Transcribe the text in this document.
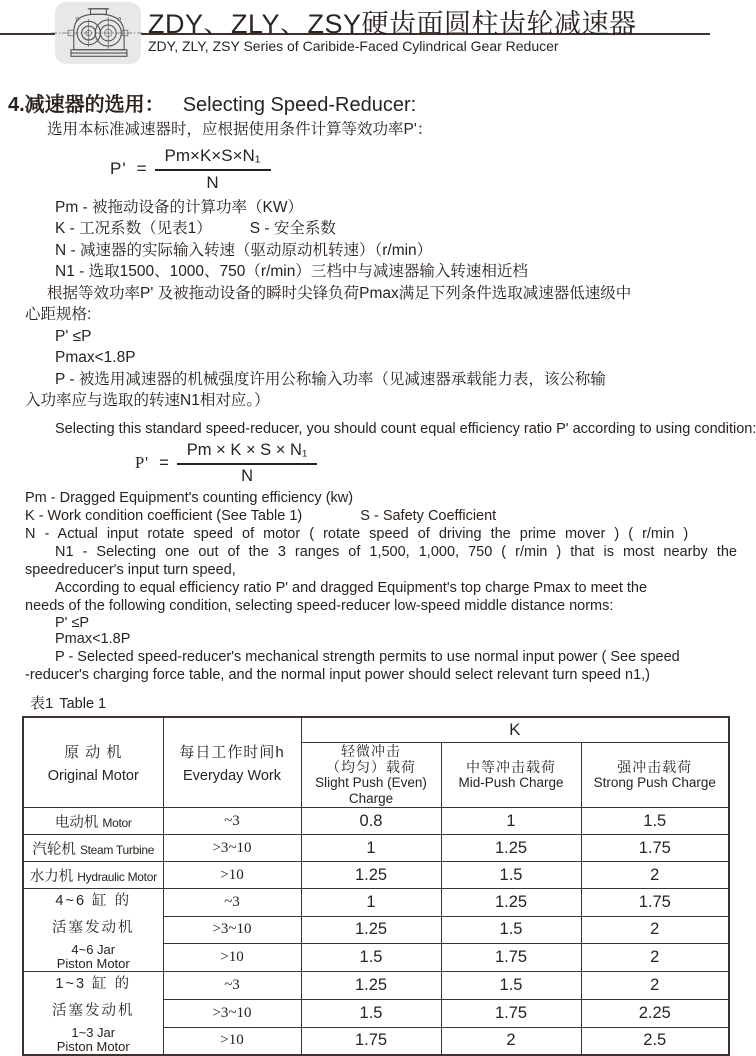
ZDY、ZLY、ZSY硬齿面圆柱齿轮减速器
ZDY, ZLY, ZSY Series of Caribide-Faced Cylindrical Gear Reducer
4.减速器的选用： Selecting Speed-Reducer:
选用本标准减速器时，应根据使用条件计算等效功率P'：
$P' = \frac{\text{Pm×K×S×N₁}}{N}$
Pm - 被拖动设备的计算功率（KW）
K - 工况系数（见表1） S - 安全系数
N - 减速器的实际输入转速（驱动原动机转速）（r/min）
N1 - 选取1500、1000、750（r/min）三档中与减速器输入转速相近档
根据等效功率P' 及被拖动设备的瞬时尖锋负荷Pmax满足下列条件选取减速器低速级中
心距规格:
P' ≤P
Pmax<1.8P
P - 被选用减速器的机械强度许用公称输入功率（见减速器承载能力表，该公称输
入功率应与选取的转速N1相对应。）
Selecting this standard speed-reducer, you should count equal efficiency ratio P' according to using condition:
$P' = \frac{\text{Pm × K × S × N₁}}{N}$
Pm - Dragged Equipment's counting efficiency (kw)
K - Work condition coefficient (See Table 1)	S - Safety Coefficient
N - Actual input rotate speed of motor ( rotate speed of driving the prime mover ) ( r/min )
N1 - Selecting one out of the 3 ranges of 1,500, 1,000, 750 ( r/min ) that is most nearby the
speedreducer's input turn speed,
According to equal efficiency ratio P' and dragged Equipment's top charge Pmax to meet the
needs of the following condition, selecting speed-reducer low-speed middle distance norms:
P' ≤P
Pmax<1.8P
P - Selected speed-reducer's mechanical strength permits to use normal input power ( See speed
-reducer's charging force table, and the normal input power should select relevant turn speed n1,)
表1 Table 1
原 动 机
Original Motor	每日工作时间h
Everyday Work	K		

轻微冲击
（均匀）载荷
Slight Push (Even) Charge

中等冲击载荷
Mid-Push Charge

强冲击载荷
Strong Push Charge

电动机 Motor	~3	0.8	1	1.5
汽轮机 Steam Turbine	>3~10	1	1.25	1.75
水力机 Hydraulic Motor	>10	1.25	1.5	2

4~6 缸 的
活塞发动机
4~6 Jar
Piston Motor	~3	1	1.25	1.75
	>3~10	1.25	1.5	2
	>10	1.5	1.75	2

1~3 缸 的
活塞发动机
1~3 Jar
Piston Motor	~3	1.25	1.5	2
	>3~10	1.5	1.75	2.25
	>10	1.75	2	2.5
